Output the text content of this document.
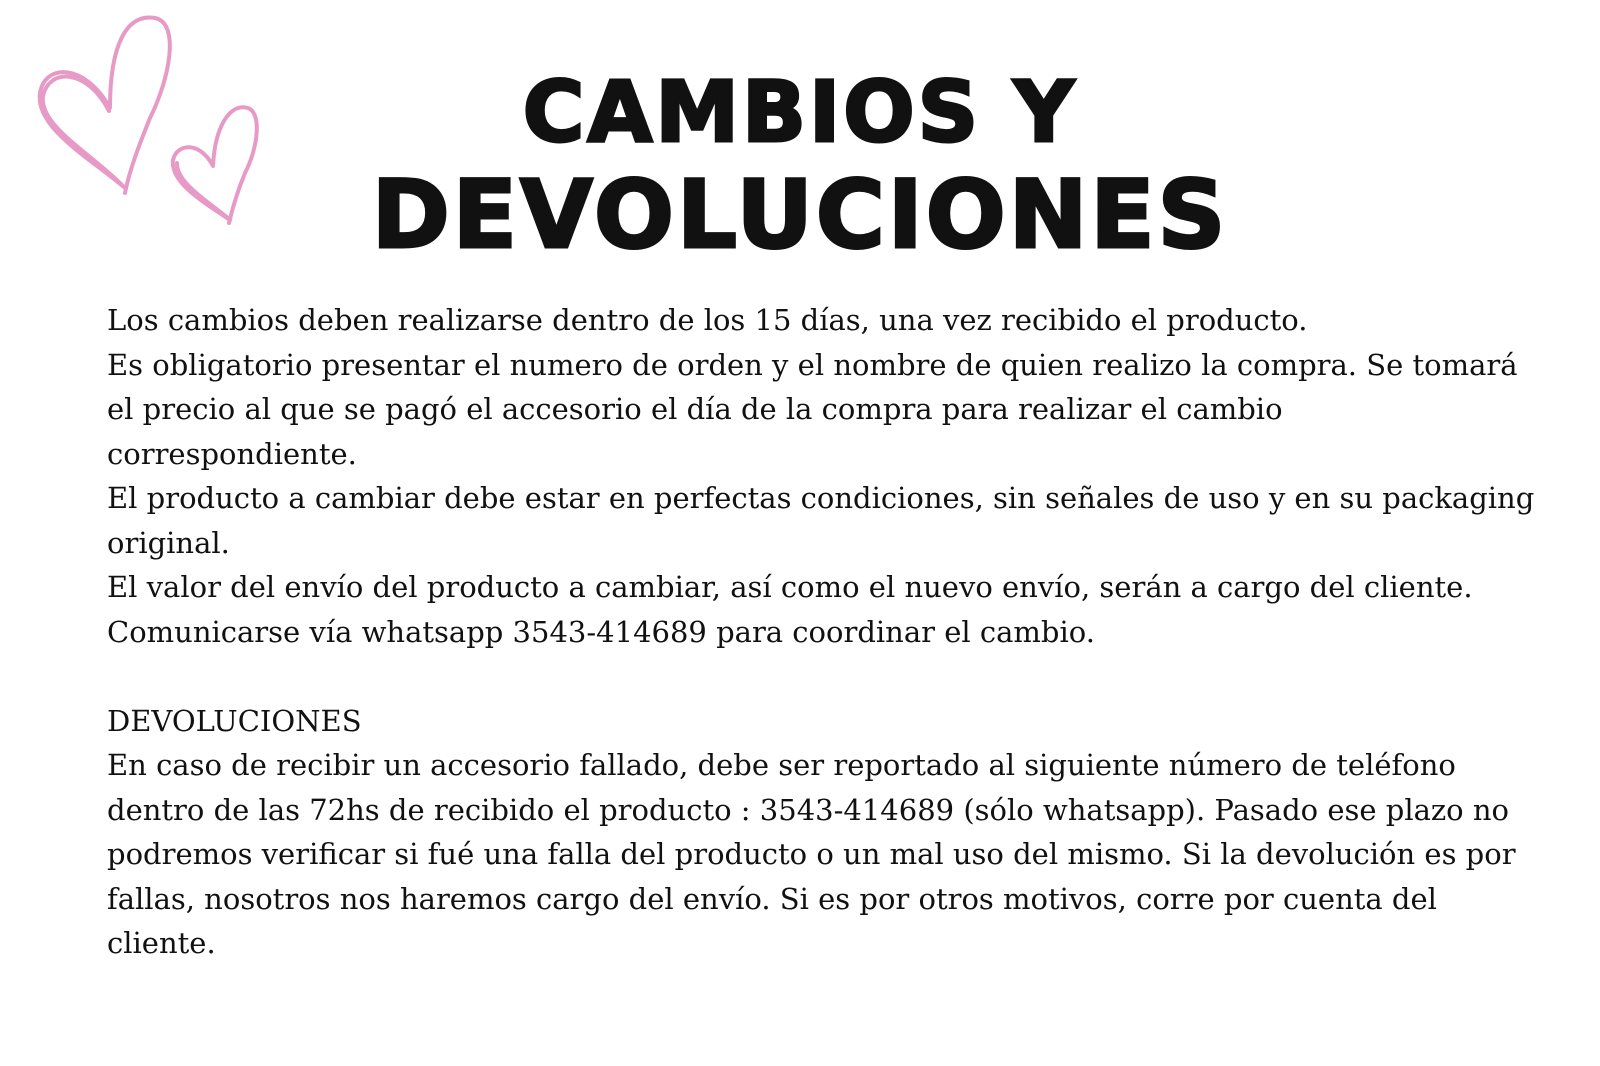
CAMBIOS Y
DEVOLUCIONES

Los cambios deben realizarse dentro de los 15 días, una vez recibido el producto.

Es obligatorio presentar el numero de orden y el nombre de quien realizo la compra. Se tomará el precio al que se pagó el accesorio el día de la compra para realizar el cambio correspondiente.

El producto a cambiar debe estar en perfectas condiciones, sin señales de uso y en su packaging original.

El valor del envío del producto a cambiar, así como el nuevo envío, serán a cargo del cliente.

Comunicarse vía whatsapp 3543-414689 para coordinar el cambio.

DEVOLUCIONES

En caso de recibir un accesorio fallado, debe ser reportado al siguiente número de teléfono dentro de las 72hs de recibido el producto : 3543-414689 (sólo whatsapp). Pasado ese plazo no podremos verificar si fué una falla del producto o un mal uso del mismo. Si la devolución es por fallas, nosotros nos haremos cargo del envío. Si es por otros motivos, corre por cuenta del cliente.
